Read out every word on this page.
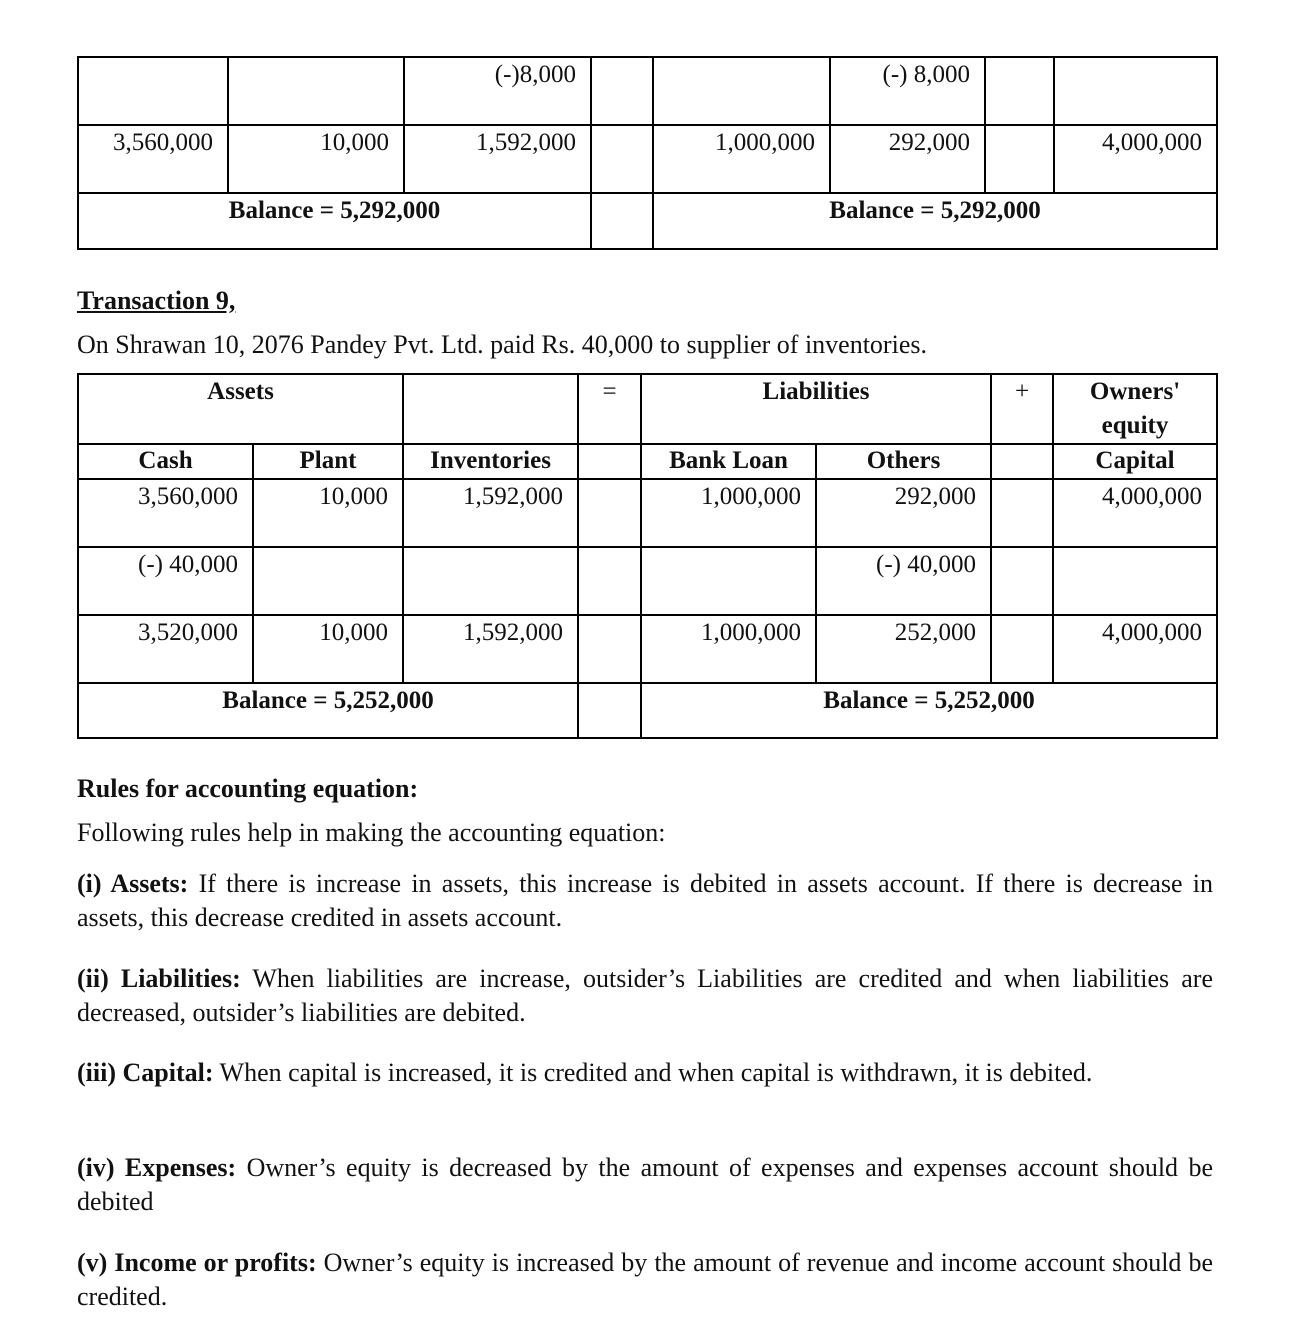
		(-)8,000			(-) 8,000		
3,560,000	10,000	1,592,000		1,000,000	292,000		4,000,000
Balance = 5,292,000				Balance = 5,292,000			
Transaction 9,
On Shrawan 10, 2076 Pandey Pvt. Ltd. paid Rs. 40,000 to supplier of inventories.
Assets			=	Liabilities		+	Owners' equity
Cash	Plant	Inventories		Bank Loan	Others		Capital
3,560,000	10,000	1,592,000		1,000,000	292,000		4,000,000
(-) 40,000					(-) 40,000		
3,520,000	10,000	1,592,000		1,000,000	252,000		4,000,000
Balance = 5,252,000				Balance = 5,252,000			
Rules for accounting equation:
Following rules help in making the accounting equation:
(i) Assets: If there is increase in assets, this increase is debited in assets account. If there is decrease in assets, this decrease credited in assets account.
(ii) Liabilities: When liabilities are increase, outsider’s Liabilities are credited and when liabilities are decreased, outsider’s liabilities are debited.
(iii) Capital: When capital is increased, it is credited and when capital is withdrawn, it is debited.
(iv) Expenses: Owner’s equity is decreased by the amount of expenses and expenses account should be debited
(v) Income or profits: Owner’s equity is increased by the amount of revenue and income account should be credited.
